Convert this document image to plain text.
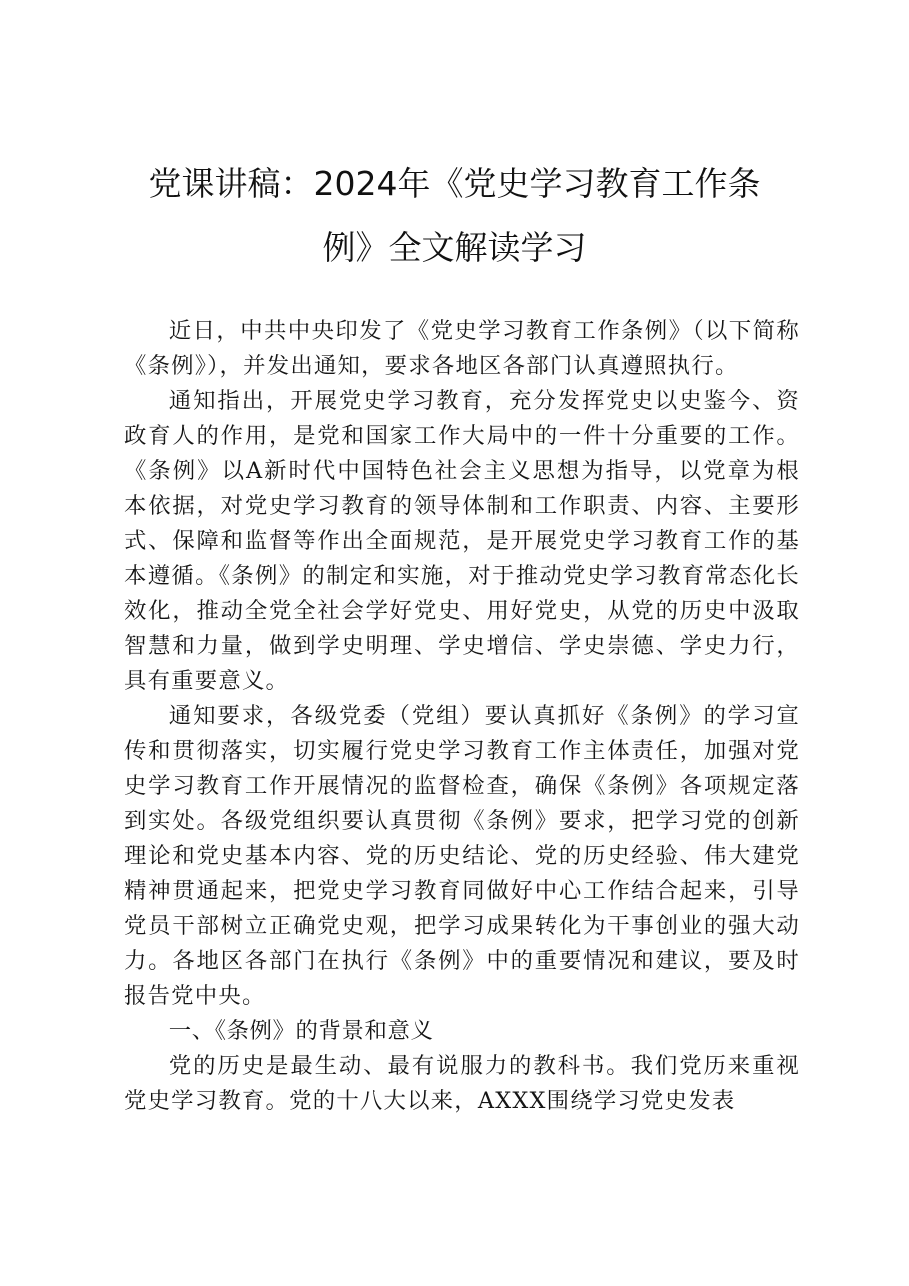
党课讲稿：2024年《党史学习教育工作条
例》全文解读学习

近日，中共中央印发了《党史学习教育工作条例》（以下简称《条例》），并发出通知，要求各地区各部门认真遵照执行。

通知指出，开展党史学习教育，充分发挥党史以史鉴今、资政育人的作用，是党和国家工作大局中的一件十分重要的工作。《条例》以A新时代中国特色社会主义思想为指导，以党章为根本依据，对党史学习教育的领导体制和工作职责、内容、主要形式、保障和监督等作出全面规范，是开展党史学习教育工作的基本遵循。《条例》的制定和实施，对于推动党史学习教育常态化长效化，推动全党全社会学好党史、用好党史，从党的历史中汲取智慧和力量，做到学史明理、学史增信、学史崇德、学史力行，具有重要意义。

通知要求，各级党委（党组）要认真抓好《条例》的学习宣传和贯彻落实，切实履行党史学习教育工作主体责任，加强对党史学习教育工作开展情况的监督检查，确保《条例》各项规定落到实处。各级党组织要认真贯彻《条例》要求，把学习党的创新理论和党史基本内容、党的历史结论、党的历史经验、伟大建党精神贯通起来，把党史学习教育同做好中心工作结合起来，引导党员干部树立正确党史观，把学习成果转化为干事创业的强大动力。各地区各部门在执行《条例》中的重要情况和建议，要及时报告党中央。

一、《条例》的背景和意义

党的历史是最生动、最有说服力的教科书。我们党历来重视党史学习教育。党的十八大以来，AXXX围绕学习党史发表
